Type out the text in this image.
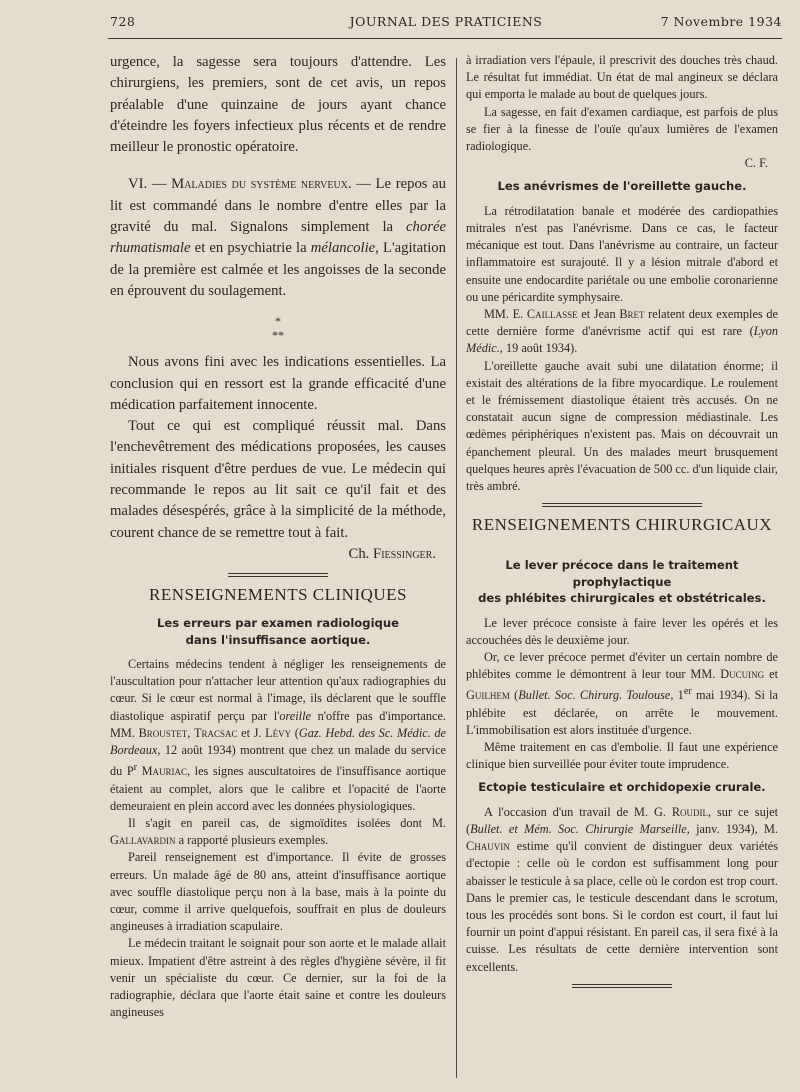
728	JOURNAL DES PRATICIENS	7 Novembre 1934

urgence, la sagesse sera toujours d'attendre. Les chirurgiens, les premiers, sont de cet avis, un repos préalable d'une quinzaine de jours ayant chance d'éteindre les foyers infectieux plus récents et de rendre meilleur le pronostic opératoire.

VI. — Maladies du système nerveux. — Le repos au lit est commandé dans le nombre d'entre elles par la gravité du mal. Signalons simplement la chorée rhumatismale et en psychiatrie la mélancolie, L'agitation de la première est calmée et les angoisses de la seconde en éprouvent du soulagement.

*
**

Nous avons fini avec les indications essentielles. La conclusion qui en ressort est la grande efficacité d'une médication parfaitement innocente.

Tout ce qui est compliqué réussit mal. Dans l'enchevêtrement des médications proposées, les causes initiales risquent d'être perdues de vue. Le médecin qui recommande le repos au lit sait ce qu'il fait et des malades désespérés, grâce à la simplicité de la méthode, courent chance de se remettre tout à fait.

Ch. Fiessinger.

RENSEIGNEMENTS CLINIQUES
Les erreurs par examen radiologique
dans l'insuffisance aortique.

Certains médecins tendent à négliger les renseignements de l'auscultation pour n'attacher leur attention qu'aux radiographies du cœur. Si le cœur est normal à l'image, ils déclarent que le souffle diastolique aspiratif perçu par l'oreille n'offre pas d'importance. MM. Broustet, Tracsac et J. Lévy (Gaz. Hebd. des Sc. Médic. de Bordeaux, 12 août 1934) montrent que chez un malade du service du $P^r$ Mauriac, les signes auscultatoires de l'insuffisance aortique étaient au complet, alors que le calibre et l'opacité de l'aorte demeuraient en plein accord avec les données physiologiques.

Il s'agit en pareil cas, de sigmoïdites isolées dont M. Gallavardin a rapporté plusieurs exemples.

Pareil renseignement est d'importance. Il évite de grosses erreurs. Un malade âgé de 80 ans, atteint d'insuffisance aortique avec souffle diastolique perçu non à la base, mais à la pointe du cœur, comme il arrive quelquefois, souffrait en plus de douleurs angineuses à irradiation scapulaire.

Le médecin traitant le soignait pour son aorte et le malade allait mieux. Impatient d'être astreint à des règles d'hygiène sévère, il fit venir un spécialiste du cœur. Ce dernier, sur la foi de la radiographie, déclara que l'aorte était saine et contre les douleurs angineuses

à irradiation vers l'épaule, il prescrivit des douches très chaud. Le résultat fut immédiat. Un état de mal angineux se déclara qui emporta le malade au bout de quelques jours.

La sagesse, en fait d'examen cardiaque, est parfois de plus se fier à la finesse de l'ouïe qu'aux lumières de l'examen radiologique.

C. F.

Les anévrismes de l'oreillette gauche.

La rétrodilatation banale et modérée des cardiopathies mitrales n'est pas l'anévrisme. Dans ce cas, le facteur mécanique est tout. Dans l'anévrisme au contraire, un facteur inflammatoire est surajouté. Il y a lésion mitrale d'abord et ensuite une endocardite pariétale ou une embolie coronarienne ou une péricardite symphysaire.

MM. E. Caillasse et Jean Bret relatent deux exemples de cette dernière forme d'anévrisme actif qui est rare (Lyon Médic., 19 août 1934).

L'oreillette gauche avait subi une dilatation énorme; il existait des altérations de la fibre myocardique. Le roulement et le frémissement diastolique étaient très accusés. On ne constatait aucun signe de compression médiastinale. Les œdèmes périphériques n'existent pas. Mais on découvrait un épanchement pleural. Un des malades meurt brusquement quelques heures après l'évacuation de 500 cc. d'un liquide clair, très ambré.

RENSEIGNEMENTS CHIRURGICAUX
Le lever précoce dans le traitement prophylactique
des phlébites chirurgicales et obstétricales.

Le lever précoce consiste à faire lever les opérés et les accouchées dès le deuxième jour.

Or, ce lever précoce permet d'éviter un certain nombre de phlébites comme le démontrent à leur tour MM. Ducuing et Guilhem (Bullet. Soc. Chirurg. Toulouse, 1er mai 1934). Si la phlébite est déclarée, on arrête le mouvement. L'immobilisation est alors instituée d'urgence.

Même traitement en cas d'embolie. Il faut une expérience clinique bien surveillée pour éviter toute imprudence.

Ectopie testiculaire et orchidopexie crurale.

A l'occasion d'un travail de M. G. Roudil, sur ce sujet (Bullet. et Mém. Soc. Chirurgie Marseille, janv. 1934), M. Chauvin estime qu'il convient de distinguer deux variétés d'ectopie : celle où le cordon est suffisamment long pour abaisser le testicule à sa place, celle où le cordon est trop court. Dans le premier cas, le testicule descendant dans le scrotum, tous les procédés sont bons. Si le cordon est court, il faut lui fournir un point d'appui résistant. En pareil cas, il sera fixé à la cuisse. Les résultats de cette dernière intervention sont excellents.
